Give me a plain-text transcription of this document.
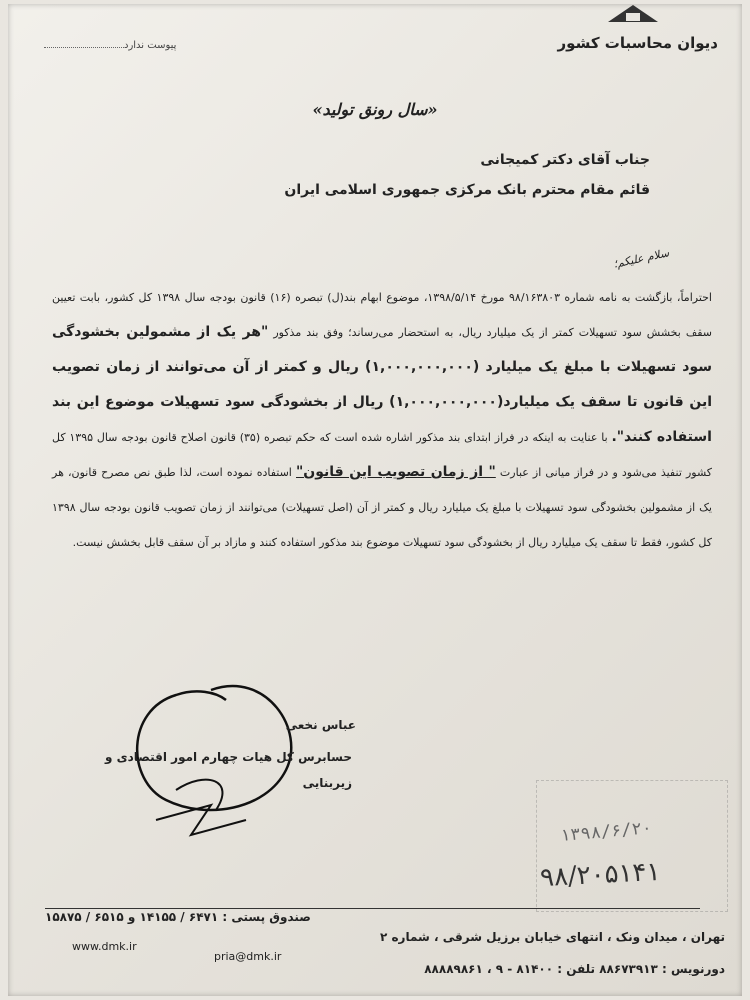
دیوان محاسبات کشور
پیوست ندارد
«سال رونق تولید»
جناب آقای دکتر کمیجانی
قائم مقام محترم بانک مرکزی جمهوری اسلامی ایران
سلام علیکم؛
احتراماً، بازگشت به نامه شماره ۹۸/۱۶۳۸۰۳ مورخ ۱۳۹۸/۵/۱۴، موضوع ابهام بند(ل) تبصره (۱۶) قانون بودجه سال ۱۳۹۸ کل کشور، بابت تعیین سقف بخشش سود تسهیلات کمتر از یک میلیارد ریال، به استحضار می‌رساند؛ وفق بند مذکور "هر یک از مشمولین بخشودگی سود تسهیلات با مبلغ یک میلیارد (۱,۰۰۰,۰۰۰,۰۰۰) ریال و کمتر از آن می‌توانند از زمان تصویب این قانون تا سقف یک میلیارد(۱,۰۰۰,۰۰۰,۰۰۰) ریال از بخشودگی سود تسهیلات موضوع این بند استفاده کنند". با عنایت به اینکه در فراز ابتدای بند مذکور اشاره شده است که حکم تبصره (۳۵) قانون اصلاح قانون بودجه سال ۱۳۹۵ کل کشور تنفیذ می‌شود و در فراز میانی از عبارت " از زمان تصویب این قانون" استفاده نموده است، لذا طبق نص مصرح قانون، هر یک از مشمولین بخشودگی سود تسهیلات با مبلغ یک میلیارد ریال و کمتر از آن (اصل تسهیلات) می‌توانند از زمان تصویب قانون بودجه سال ۱۳۹۸ کل کشور، فقط تا سقف یک میلیارد ریال از بخشودگی سود تسهیلات موضوع بند مذکور استفاده کنند و مازاد بر آن سقف قابل بخشش نیست.
عباس نخعی
حسابرس کل هیات چهارم امور اقتصادی و زیربنایی
۱۳۹۸/۶/۲۰
۹۸/۲۰۵۱۴۱
صندوق پستی : ۶۴۷۱ / ۱۴۱۵۵ و ۶۵۱۵ / ۱۵۸۷۵
www.dmk.ir
pria@dmk.ir
تهران ، میدان ونک ، انتهای خیابان برزیل شرقی ، شماره ۲
دورنویس : ۸۸۶۷۳۹۱۳ تلفن : ۸۱۴۰۰ - ۹ ، ۸۸۸۸۹۸۶۱
